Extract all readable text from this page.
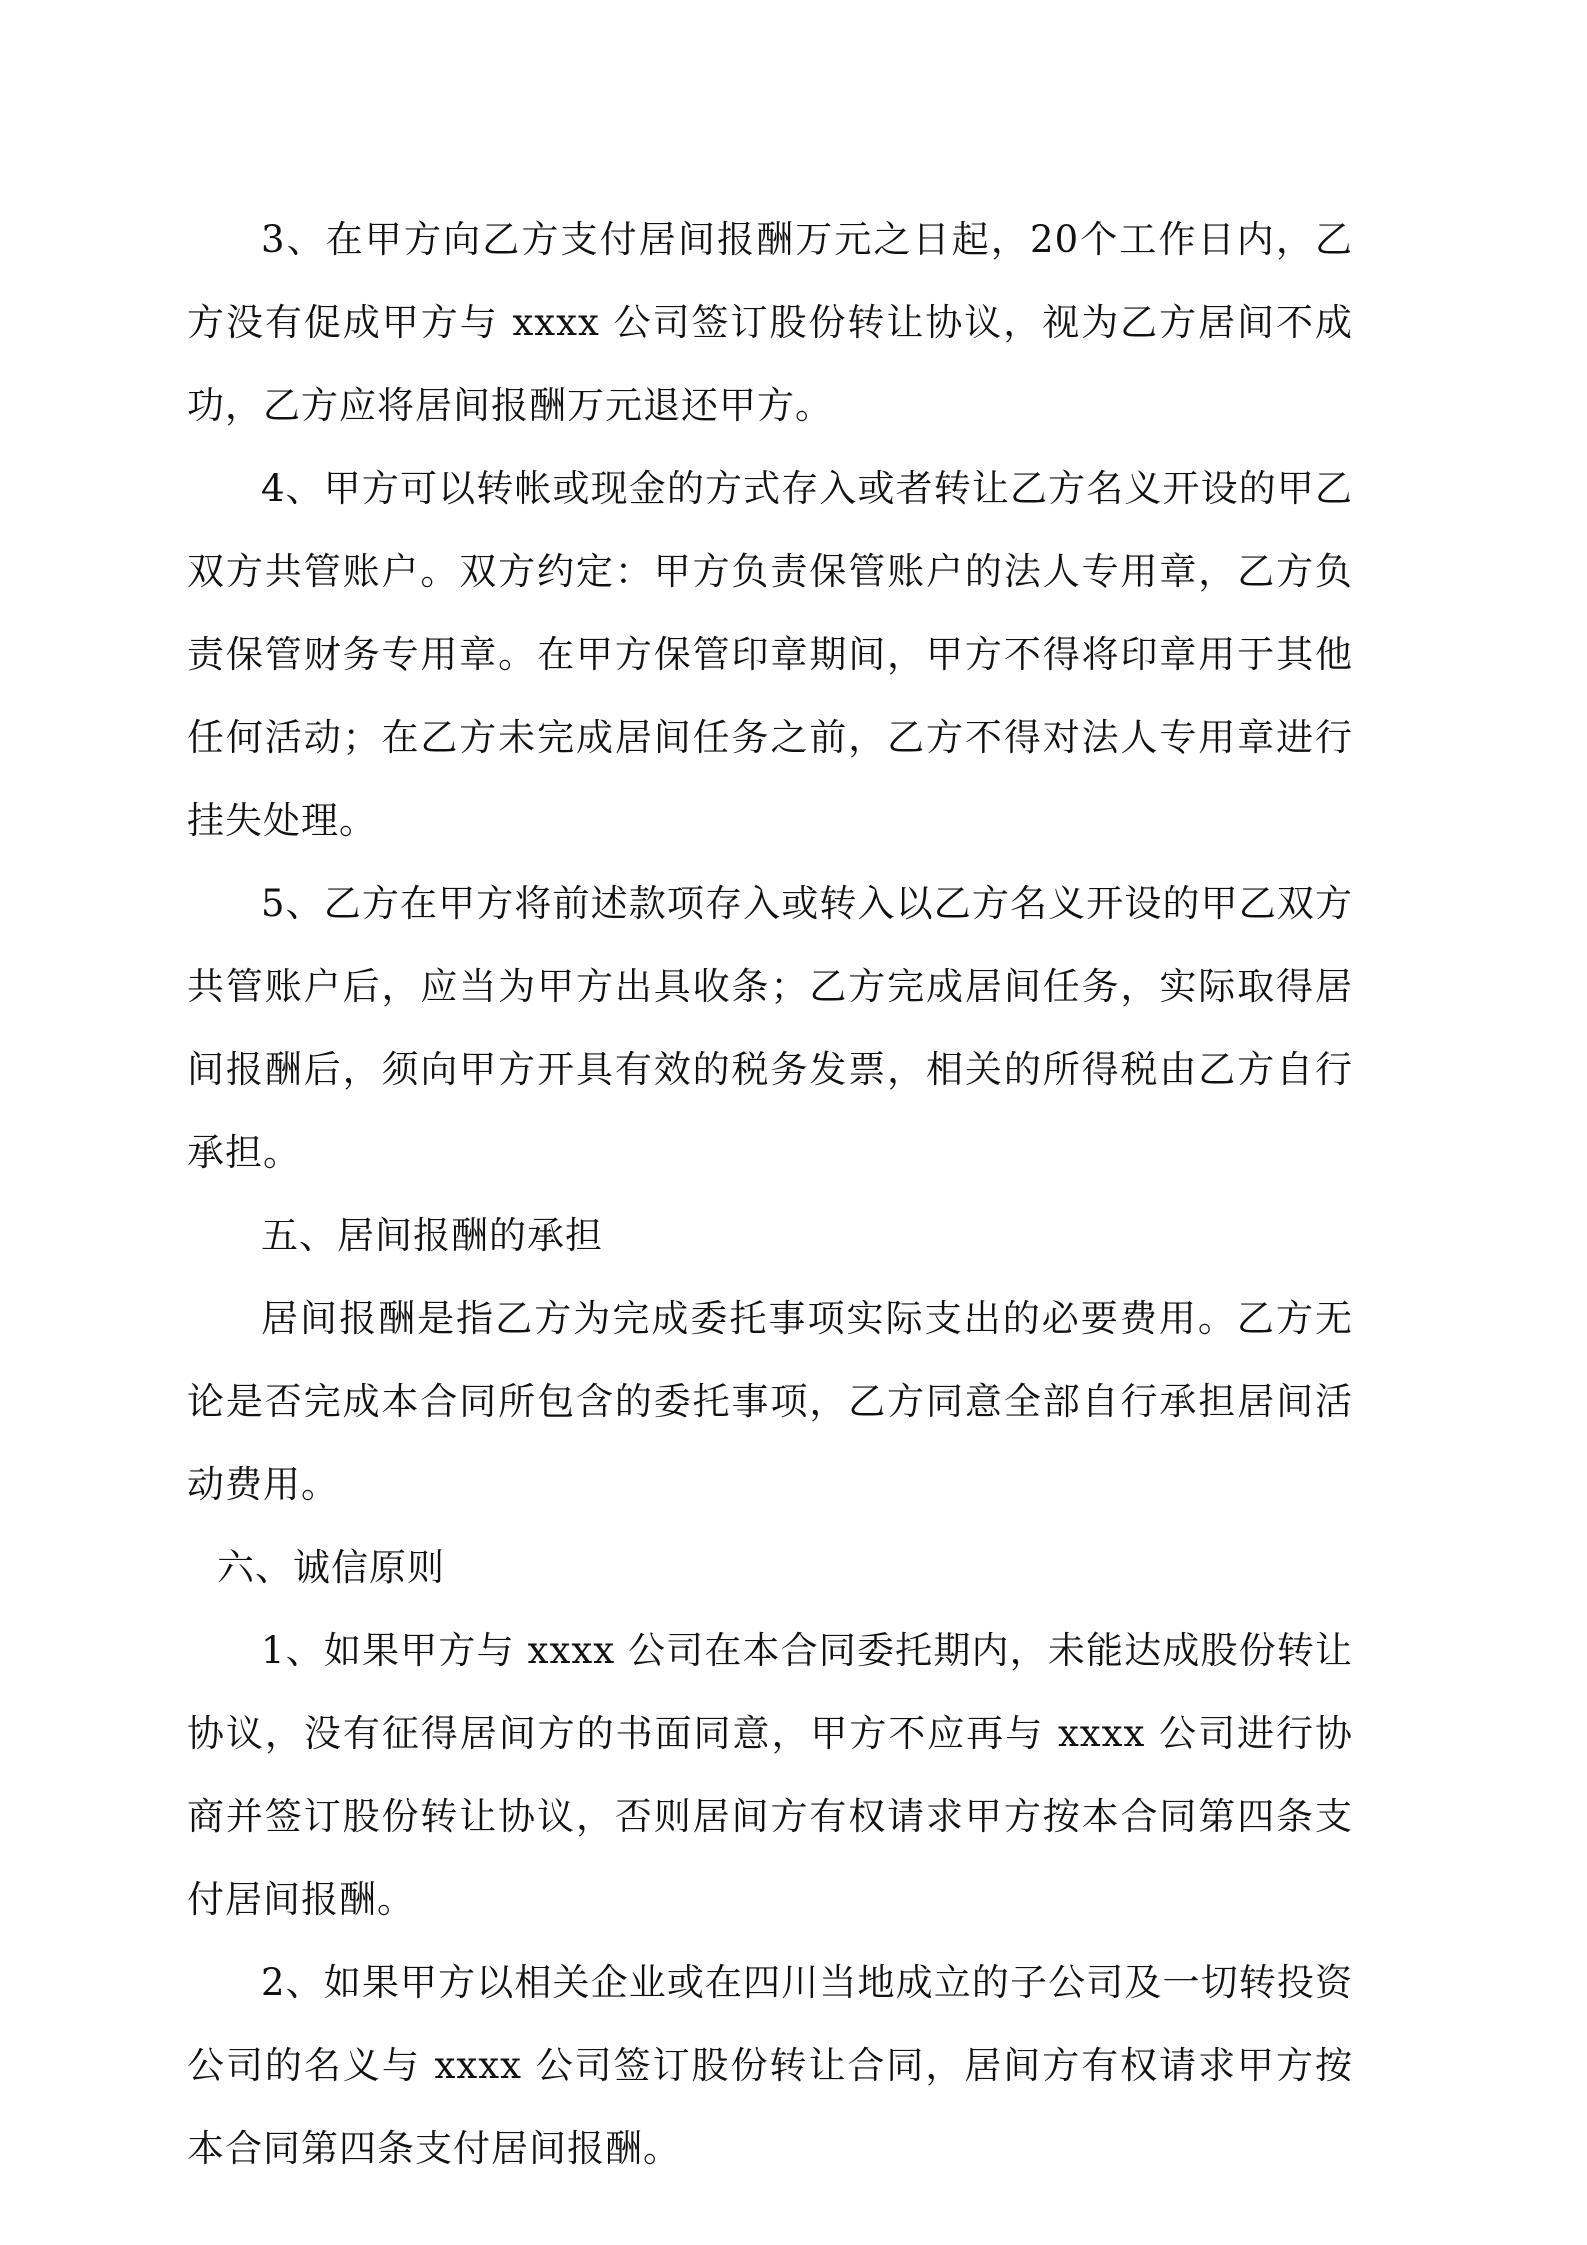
3、在甲方向乙方支付居间报酬万元之日起，20个工作日内，乙方没有促成甲方与 xxxx 公司签订股份转让协议，视为乙方居间不成功，乙方应将居间报酬万元退还甲方。

4、甲方可以转帐或现金的方式存入或者转让乙方名义开设的甲乙双方共管账户。双方约定：甲方负责保管账户的法人专用章，乙方负责保管财务专用章。在甲方保管印章期间，甲方不得将印章用于其他任何活动；在乙方未完成居间任务之前，乙方不得对法人专用章进行挂失处理。

5、乙方在甲方将前述款项存入或转入以乙方名义开设的甲乙双方共管账户后，应当为甲方出具收条；乙方完成居间任务，实际取得居间报酬后，须向甲方开具有效的税务发票，相关的所得税由乙方自行承担。

五、居间报酬的承担

居间报酬是指乙方为完成委托事项实际支出的必要费用。乙方无论是否完成本合同所包含的委托事项，乙方同意全部自行承担居间活动费用。

六、诚信原则

1、如果甲方与 xxxx 公司在本合同委托期内，未能达成股份转让协议，没有征得居间方的书面同意，甲方不应再与 xxxx 公司进行协商并签订股份转让协议，否则居间方有权请求甲方按本合同第四条支付居间报酬。

2、如果甲方以相关企业或在四川当地成立的子公司及一切转投资公司的名义与 xxxx 公司签订股份转让合同，居间方有权请求甲方按本合同第四条支付居间报酬。
